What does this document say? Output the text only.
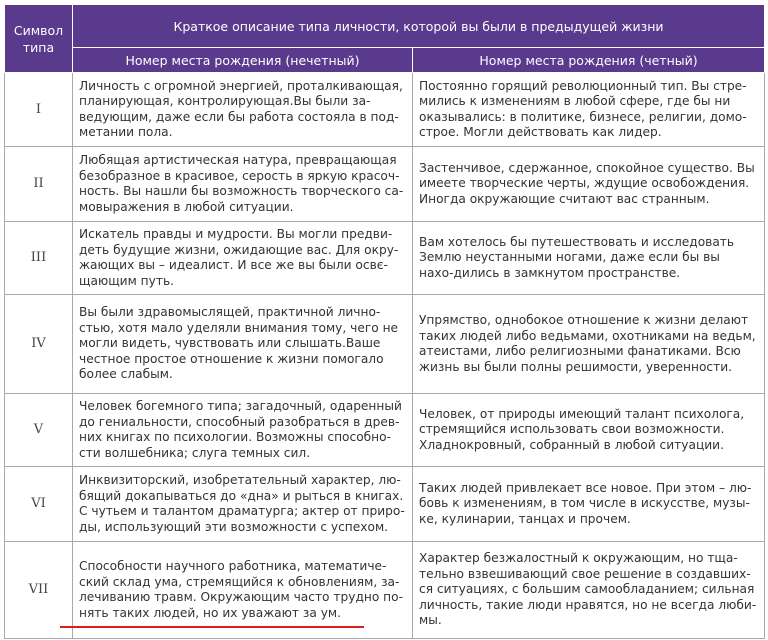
Символ типа	Краткое описание типа личности, которой вы были в предыдущей жизни	
	Номер места рождения (нечетный)	Номер места рождения (четный)
I	Личность с огромной энергией, проталкивающая, планирующая, контролирующая.Вы были за-ведующим, даже если бы работа состояла в под-метании пола.	Постоянно горящий революционный тип. Вы стре-мились к изменениям в любой сфере, где бы ни оказывались: в политике, бизнесе, религии, домо-строе. Могли действовать как лидер.
II	Любящая артистическая натура, превращающая безобразное в красивое, серость в яркую красоч-ность. Вы нашли бы возможность творческого са-мовыражения в любой ситуации.	Застенчивое, сдержанное, спокойное существо. Вы имеете творческие черты, ждущие освобождения. Иногда окружающие считают вас странным.
III	Искатель правды и мудрости. Вы могли предви-деть будущие жизни, ожидающие вас. Для окру-жающих вы – идеалист. И все же вы были освє-щающим путь.	Вам хотелось бы путешествовать и исследовать Землю неустанными ногами, даже если бы вы нахо-дились в замкнутом пространстве.
IV	Вы были здравомыслящей, практичной лично-стью, хотя мало уделяли внимания тому, чего не могли видеть, чувствовать или слышать.Ваше честное простое отношение к жизни помогало более слабым.	Упрямство, однобокое отношение к жизни делают таких людей либо ведьмами, охотниками на ведьм, атеистами, либо религиозными фанатиками. Всю жизнь вы были полны решимости, уверенности.
V	Человек богемного типа; загадочный, одаренный до гениальности, способный разобраться в древ-них книгах по психологии. Возможны способно-сти волшебника; слуга темных сил.	Человек, от природы имеющий талант психолога, стремящийся использовать свои возможности. Хладнокровный, собранный в любой ситуации.
VI	Инквизиторский, изобретательный характер, лю-бящий докапываться до «дна» и рыться в книгах. С чутьем и талантом драматурга; актер от приро-ды, использующий эти возможности с успехом.	Таких людей привлекает все новое. При этом – лю-бовь к изменениям, в том числе в искусстве, музы-ке, кулинарии, танцах и прочем.
VII	Способности научного работника, математиче-ский склад ума, стремящийся к обновлениям, за-лечиванию травм. Окружающим часто трудно по-нять таких людей, но их уважают за ум.	Характер безжалостный к окружающим, но тща-тельно взвешивающий свое решение в создавших-ся ситуациях, с большим самообладанием; сильная личность, такие люди нравятся, но не всегда люби-мы.
